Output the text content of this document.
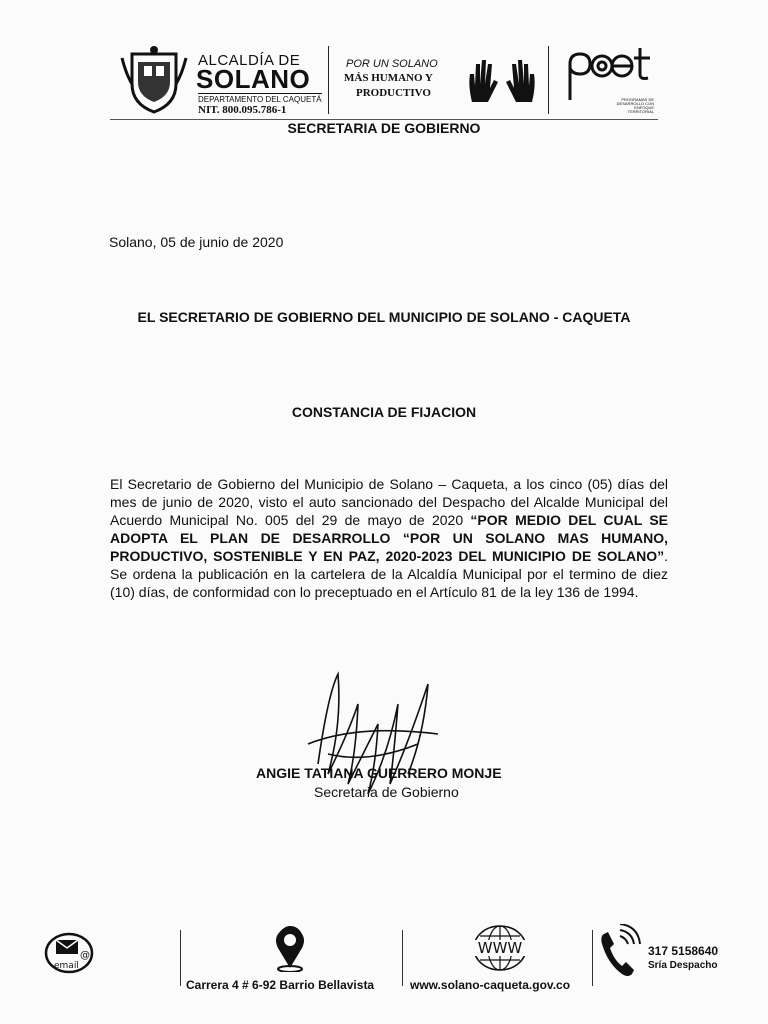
ALCALDÍA DE
SOLANO
DEPARTAMENTO DEL CAQUETÁ
NIT. 800.095.786-1
POR UN SOLANO
MÁS HUMANO Y
PRODUCTIVO
PROGRAMAS DE DESARROLLO CON ENFOQUE TERRITORIAL
SECRETARIA DE GOBIERNO
Solano, 05 de junio de 2020
EL SECRETARIO DE GOBIERNO DEL MUNICIPIO DE SOLANO - CAQUETA
CONSTANCIA DE FIJACION
El Secretario de Gobierno del Municipio de Solano – Caqueta, a los cinco (05) días del mes de junio de 2020, visto el auto sancionado del Despacho del Alcalde Municipal del Acuerdo Municipal No. 005 del 29 de mayo de 2020 “POR MEDIO DEL CUAL SE ADOPTA EL PLAN DE DESARROLLO “POR UN SOLANO MAS HUMANO, PRODUCTIVO, SOSTENIBLE Y EN PAZ, 2020-2023 DEL MUNICIPIO DE SOLANO”. Se ordena la publicación en la cartelera de la Alcaldía Municipal por el termino de diez (10) días, de conformidad con lo preceptuado en el Artículo 81 de la ley 136 de 1994.
ANGIE TATIANA GUERRERO MONJE
Secretaria de Gobierno
@
email
Carrera 4 # 6-92 Barrio Bellavista
WWW
www.solano-caqueta.gov.co
317 5158640
Sría Despacho
